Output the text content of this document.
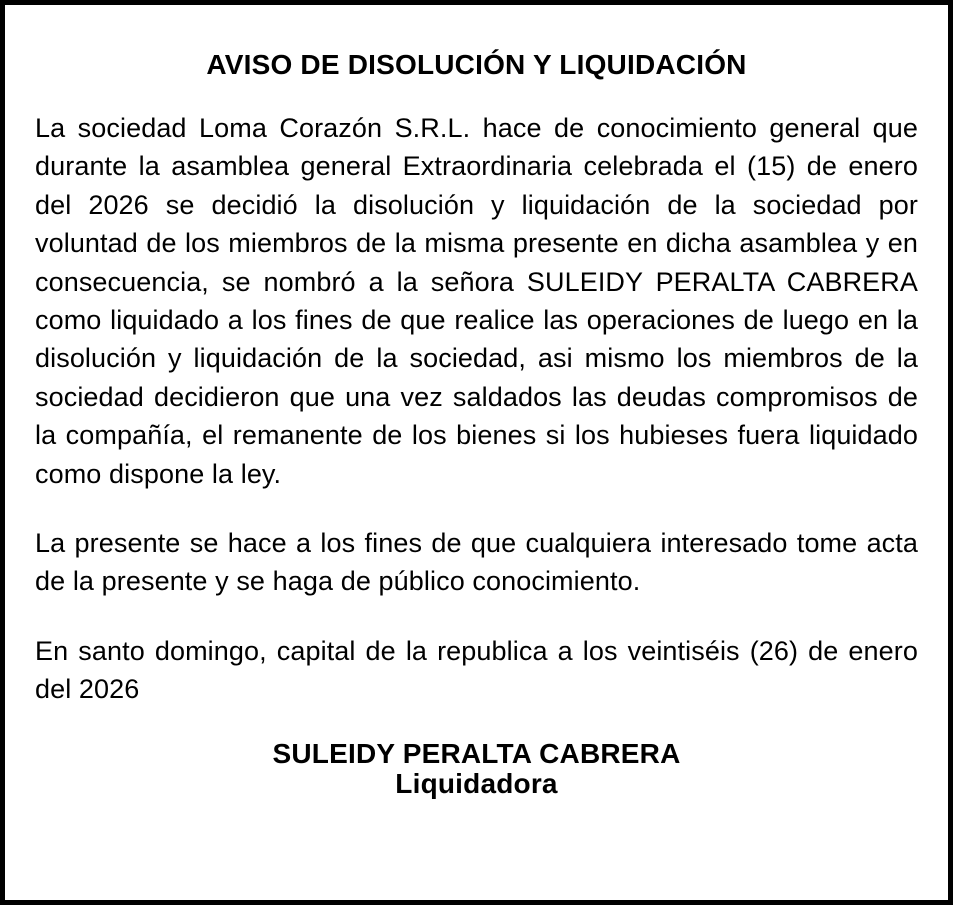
AVISO DE DISOLUCIÓN Y LIQUIDACIÓN

La sociedad Loma Corazón S.R.L. hace de conocimiento general que durante la asamblea general Extraordinaria celebrada el (15) de enero del 2026 se decidió la disolución y liquidación de la sociedad por voluntad de los miembros de la misma presente en dicha asamblea y en consecuencia, se nombró a la señora SULEIDY PERALTA CABRERA como liquidado a los fines de que realice las operaciones de luego en la disolución y liquidación de la sociedad, asi mismo los miembros de la sociedad decidieron que una vez saldados las deudas compromisos de la compañía, el remanente de los bienes si los hubieses fuera liquidado como dispone la ley.

La presente se hace a los fines de que cualquiera interesado tome acta de la presente y se haga de público conocimiento.

En santo domingo, capital de la republica a los veintiséis (26) de enero del 2026

SULEIDY PERALTA CABRERA
Liquidadora
